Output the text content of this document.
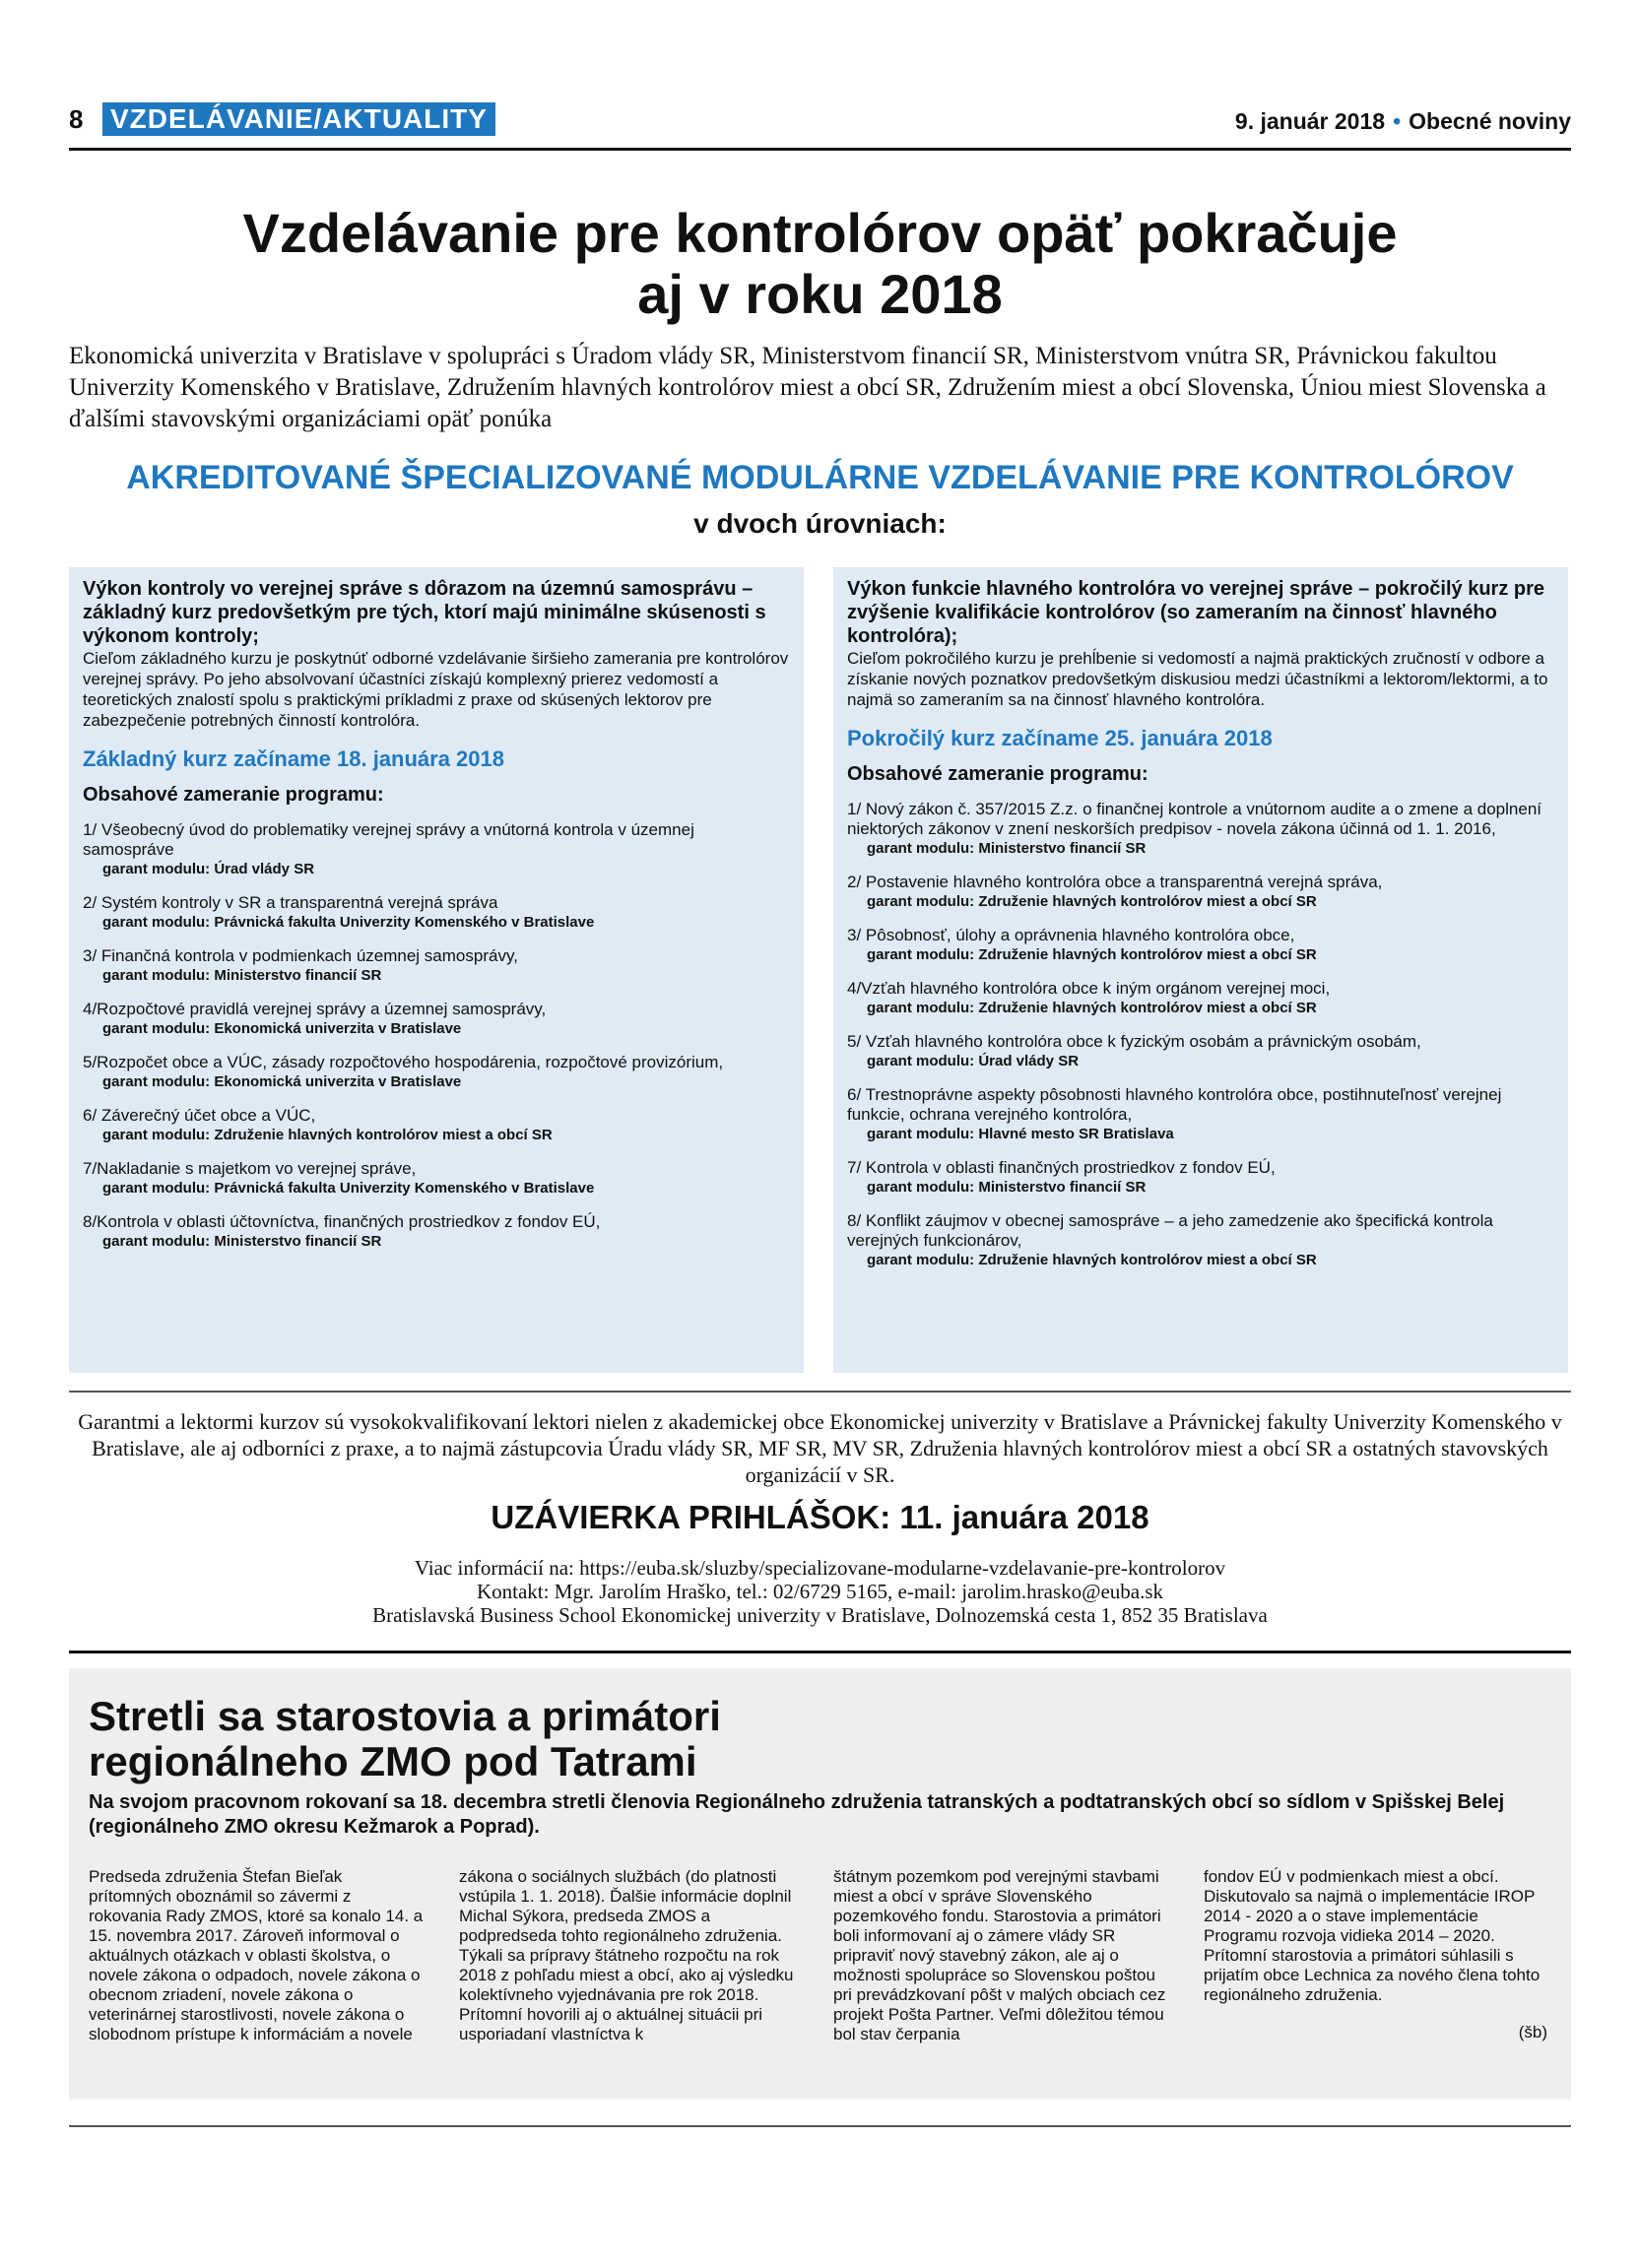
8 VZDELÁVANIE/AKTUALITY	9. január 2018 • Obecné noviny
Vzdelávanie pre kontrolórov opäť pokračuje
aj v roku 2018
Ekonomická univerzita v Bratislave v spolupráci s Úradom vlády SR, Ministerstvom financií SR, Ministerstvom vnútra SR, Právnickou fakultou Univerzity Komenského v Bratislave, Združením hlavných kontrolórov miest a obcí SR, Združením miest a obcí Slovenska, Úniou miest Slovenska a ďalšími stavovskými organizáciami opäť ponúka
AKREDITOVANÉ ŠPECIALIZOVANÉ MODULÁRNE VZDELÁVANIE PRE KONTROLÓROV
v dvoch úrovniach:
Výkon kontroly vo verejnej správe s dôrazom na územnú samosprávu – základný kurz predovšetkým pre tých, ktorí majú minimálne skúsenosti s výkonom kontroly;
Cieľom základného kurzu je poskytnúť odborné vzdelávanie širšieho zamerania pre kontrolórov verejnej správy. Po jeho absolvovaní účastníci získajú komplexný prierez vedomostí a teoretických znalostí spolu s praktickými príkladmi z praxe od skúsených lektorov pre zabezpečenie potrebných činností kontrolóra.
Základný kurz začíname 18. januára 2018
Obsahové zameranie programu:
1/ Všeobecný úvod do problematiky verejnej správy a vnútorná kontrola v územnej samospráve
garant modulu: Úrad vlády SR
2/ Systém kontroly v SR a transparentná verejná správa
garant modulu: Právnická fakulta Univerzity Komenského v Bratislave
3/ Finančná kontrola v podmienkach územnej samosprávy,
garant modulu: Ministerstvo financií SR
4/Rozpočtové pravidlá verejnej správy a územnej samosprávy,
garant modulu: Ekonomická univerzita v Bratislave
5/Rozpočet obce a VÚC, zásady rozpočtového hospodárenia, rozpočtové provizórium,
garant modulu: Ekonomická univerzita v Bratislave
6/ Záverečný účet obce a VÚC,
garant modulu: Združenie hlavných kontrolórov miest a obcí SR
7/Nakladanie s majetkom vo verejnej správe,
garant modulu: Právnická fakulta Univerzity Komenského v Bratislave
8/Kontrola v oblasti účtovníctva, finančných prostriedkov z fondov EÚ,
garant modulu: Ministerstvo financií SR
Výkon funkcie hlavného kontrolóra vo verejnej správe – pokročilý kurz pre zvýšenie kvalifikácie kontrolórov (so zameraním na činnosť hlavného kontrolóra);
Cieľom pokročilého kurzu je prehĺbenie si vedomostí a najmä praktických zručností v odbore a získanie nových poznatkov predovšetkým diskusiou medzi účastníkmi a lektorom/lektormi, a to najmä so zameraním sa na činnosť hlavného kontrolóra.
Pokročilý kurz začíname 25. januára 2018
Obsahové zameranie programu:
1/ Nový zákon č. 357/2015 Z.z. o finančnej kontrole a vnútornom audite a o zmene a doplnení niektorých zákonov v znení neskorších predpisov - novela zákona účinná od 1. 1. 2016,
garant modulu: Ministerstvo financií SR
2/ Postavenie hlavného kontrolóra obce a transparentná verejná správa,
garant modulu: Združenie hlavných kontrolórov miest a obcí SR
3/ Pôsobnosť, úlohy a oprávnenia hlavného kontrolóra obce,
garant modulu: Združenie hlavných kontrolórov miest a obcí SR
4/Vzťah hlavného kontrolóra obce k iným orgánom verejnej moci,
garant modulu: Združenie hlavných kontrolórov miest a obcí SR
5/ Vzťah hlavného kontrolóra obce k fyzickým osobám a právnickým osobám,
garant modulu: Úrad vlády SR
6/ Trestnoprávne aspekty pôsobnosti hlavného kontrolóra obce, postihnuteľnosť verejnej funkcie, ochrana verejného kontrolóra,
garant modulu: Hlavné mesto SR Bratislava
7/ Kontrola v oblasti finančných prostriedkov z fondov EÚ,
garant modulu: Ministerstvo financií SR
8/ Konflikt záujmov v obecnej samospráve – a jeho zamedzenie ako špecifická kontrola verejných funkcionárov,
garant modulu: Združenie hlavných kontrolórov miest a obcí SR
Garantmi a lektormi kurzov sú vysokokvalifikovaní lektori nielen z akademickej obce Ekonomickej univerzity v Bratislave a Právnickej fakulty Univerzity Komenského v Bratislave, ale aj odborníci z praxe, a to najmä zástupcovia Úradu vlády SR, MF SR, MV SR, Združenia hlavných kontrolórov miest a obcí SR a ostatných stavovských organizácií v SR.
UZÁVIERKA PRIHLÁŠOK: 11. januára 2018
Viac informácií na: https://euba.sk/sluzby/specializovane-modularne-vzdelavanie-pre-kontrolorov
Kontakt: Mgr. Jarolím Hraško, tel.: 02/6729 5165, e-mail: jarolim.hrasko@euba.sk
Bratislavská Business School Ekonomickej univerzity v Bratislave, Dolnozemská cesta 1, 852 35 Bratislava
Stretli sa starostovia a primátori
regionálneho ZMO pod Tatrami
Na svojom pracovnom rokovaní sa 18. decembra stretli členovia Regionálneho združenia tatranských a podtatranských obcí so sídlom v Spišskej Belej (regionálneho ZMO okresu Kežmarok a Poprad).
Predseda združenia Štefan Bieľak prítomných oboznámil so závermi z rokovania Rady ZMOS, ktoré sa konalo 14. a 15. novembra 2017. Zároveň informoval o aktuálnych otázkach v oblasti školstva, o novele zákona o odpadoch, novele zákona o obecnom zriadení, novele zákona o veterinárnej starostlivosti, novele zákona o slobodnom prístupe k informáciám a novele
zákona o sociálnych službách (do platnosti vstúpila 1. 1. 2018). Ďalšie informácie doplnil Michal Sýkora, predseda ZMOS a podpredseda tohto regionálneho združenia. Týkali sa prípravy štátneho rozpočtu na rok 2018 z pohľadu miest a obcí, ako aj výsledku kolektívneho vyjednávania pre rok 2018. Prítomní hovorili aj o aktuálnej situácii pri usporiadaní vlastníctva k
štátnym pozemkom pod verejnými stavbami miest a obcí v správe Slovenského pozemkového fondu. Starostovia a primátori boli informovaní aj o zámere vlády SR pripraviť nový stavebný zákon, ale aj o možnosti spolupráce so Slovenskou poštou pri prevádzkovaní pôšt v malých obciach cez projekt Pošta Partner. Veľmi dôležitou témou bol stav čerpania
fondov EÚ v podmienkach miest a obcí. Diskutovalo sa najmä o implementácie IROP 2014 - 2020 a o stave implementácie Programu rozvoja vidieka 2014 – 2020. Prítomní starostovia a primátori súhlasili s prijatím obce Lechnica za nového člena tohto regionálneho združenia.
(šb)
